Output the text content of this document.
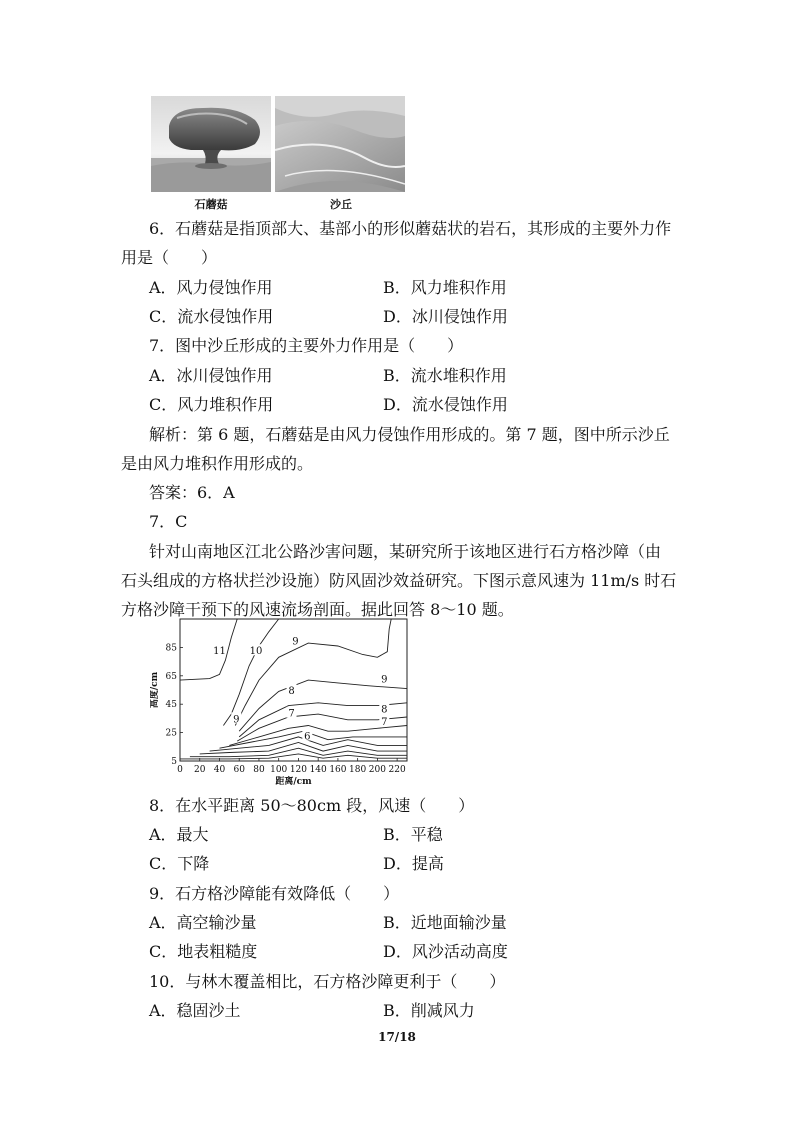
石蘑菇	沙丘
6．石蘑菇是指顶部大、基部小的形似蘑菇状的岩石，其形成的主要外力作
用是（　　）
A．风力侵蚀作用	B．风力堆积作用
C．流水侵蚀作用	D．冰川侵蚀作用
7．图中沙丘形成的主要外力作用是（　　）
A．冰川侵蚀作用	B．流水堆积作用
C．风力堆积作用	D．流水侵蚀作用
解析：第 6 题，石蘑菇是由风力侵蚀作用形成的。第 7 题，图中所示沙丘
是由风力堆积作用形成的。
答案：6．A
7．C
针对山南地区江北公路沙害问题，某研究所于该地区进行石方格沙障（由
石头组成的方格状拦沙设施）防风固沙效益研究。下图示意风速为 11m/s 时石
方格沙障干预下的风速流场剖面。据此回答 8～10 题。
11 10
9
9
9
8
8
7
7
6
0 20 40 60 80 100 120 140 160 180 200 220
5
25
45
65
85
距离/cm
高度/cm
8．在水平距离 50～80cm 段，风速（　　）
A．最大	B．平稳
C．下降	D．提高
9．石方格沙障能有效降低（　　）
A．高空输沙量	B．近地面输沙量
C．地表粗糙度	D．风沙活动高度
10．与林木覆盖相比，石方格沙障更利于（　　）
A．稳固沙土	B．削减风力
17/18
